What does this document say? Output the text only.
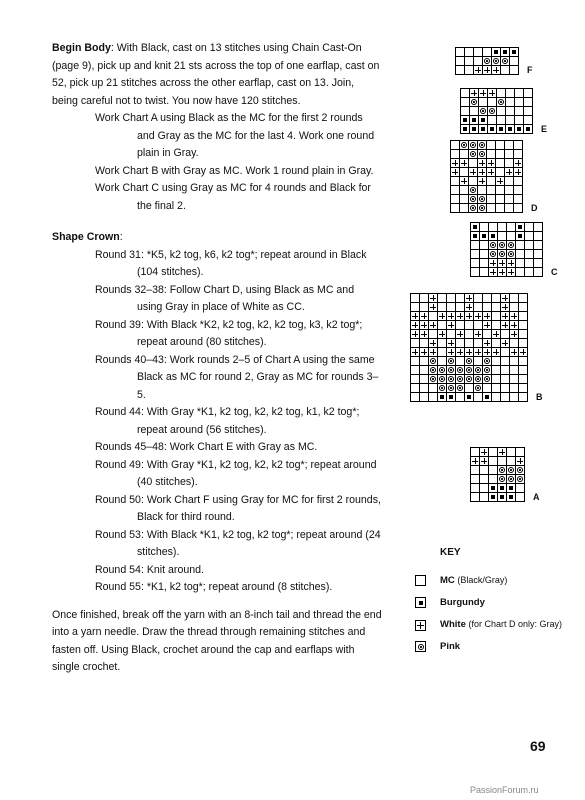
Begin Body: With Black, cast on 13 stitches using Chain Cast-On (page 9), pick up and knit 21 sts across the top of one earflap, cast on 52, pick up 21 stitches across the other earflap, cast on 13. Join, being careful not to twist. You now have 120 stitches.

Work Chart A using Black as the MC for the first 2 rounds and Gray as the MC for the last 4. Work one round plain in Gray.

Work Chart B with Gray as MC. Work 1 round plain in Gray.

Work Chart C using Gray as MC for 4 rounds and Black for the final 2.

Shape Crown:

Round 31: *K5, k2 tog, k6, k2 tog*; repeat around in Black (104 stitches).

Rounds 32–38: Follow Chart D, using Black as MC and using Gray in place of White as CC.

Round 39: With Black *K2, k2 tog, k2, k2 tog, k3, k2 tog*; repeat around (80 stitches).

Rounds 40–43: Work rounds 2–5 of Chart A using the same Black as MC for round 2, Gray as MC for rounds 3–5.

Round 44: With Gray *K1, k2 tog, k2, k2 tog, k1, k2 tog*; repeat around (56 stitches).

Rounds 45–48: Work Chart E with Gray as MC.

Round 49: With Gray *K1, k2 tog, k2, k2 tog*; repeat around (40 stitches).

Round 50: Work Chart F using Gray for MC for first 2 rounds, Black for third round.

Round 53: With Black *K1, k2 tog, k2 tog*; repeat around (24 stitches).

Round 54: Knit around.

Round 55: *K1, k2 tog*; repeat around (8 stitches).

Once finished, break off the yarn with an 8-inch tail and thread the end into a yarn needle. Draw the thread through remaining stitches and fasten off. Using Black, crochet around the cap and earflaps with single crochet.

F
E
D
C
B
A
KEY
MC (Black/Gray)
Burgundy
White (for Chart D only: Gray)
Pink
69
PassionForum.ru
